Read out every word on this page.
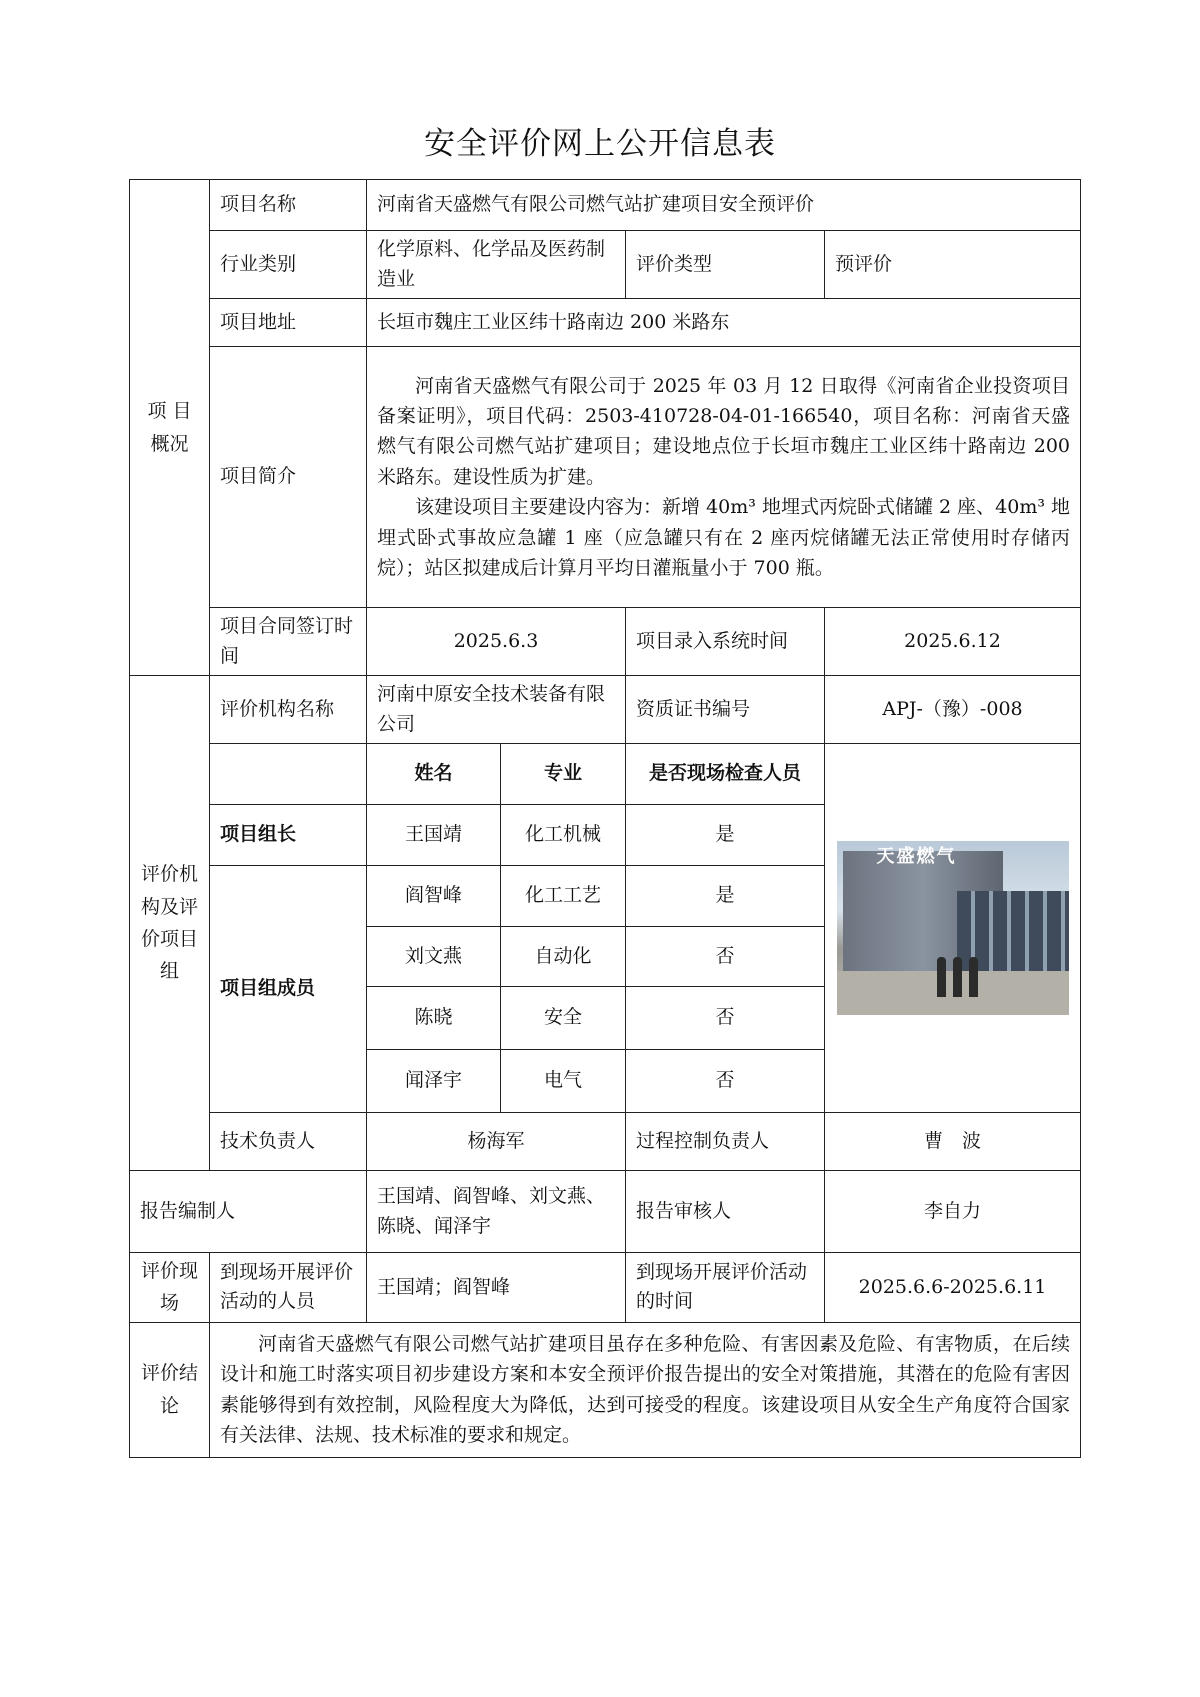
安全评价网上公开信息表
项 目 概况	项目名称	河南省天盛燃气有限公司燃气站扩建项目安全预评价			
	行业类别	化学原料、化学品及医药制造业		评价类型	预评价
	项目地址	长垣市魏庄工业区纬十路南边 200 米路东			
	项目简介	河南省天盛燃气有限公司于 2025 年 03 月 12 日取得《河南省企业投资项目备案证明》，项目代码：2503-410728-04-01-166540，项目名称：河南省天盛燃气有限公司燃气站扩建项目；建设地点位于长垣市魏庄工业区纬十路南边 200 米路东。建设性质为扩建。

该建设项目主要建设内容为：新增 40m³ 地埋式丙烷卧式储罐 2 座、40m³ 地埋式卧式事故应急罐 1 座（应急罐只有在 2 座丙烷储罐无法正常使用时存储丙烷）；站区拟建成后计算月平均日灌瓶量小于 700 瓶。			

	项目合同签订时间	2025.6.3		项目录入系统时间	2025.6.12

评价机构及评价项目组	评价机构名称	河南中原安全技术装备有限公司		资质证书编号	APJ-（豫）-008
		姓名	专业	是否现场检查人员	天盛燃气

	项目组长	王国靖	化工机械	是	
	项目组成员	阎智峰	化工工艺	是	
		刘文燕	自动化	否	
		陈晓	安全	否	
		闻泽宇	电气	否	

	技术负责人	杨海军		过程控制负责人	曹　波
报告编制人		王国靖、阎智峰、刘文燕、陈晓、闻泽宇		报告审核人	李自力
评价现场	到现场开展评价活动的人员	王国靖；阎智峰		到现场开展评价活动的时间	2025.6.6-2025.6.11
评价结论	河南省天盛燃气有限公司燃气站扩建项目虽存在多种危险、有害因素及危险、有害物质，在后续设计和施工时落实项目初步建设方案和本安全预评价报告提出的安全对策措施，其潜在的危险有害因素能够得到有效控制，风险程度大为降低，达到可接受的程度。该建设项目从安全生产角度符合国家有关法律、法规、技术标准的要求和规定。				
